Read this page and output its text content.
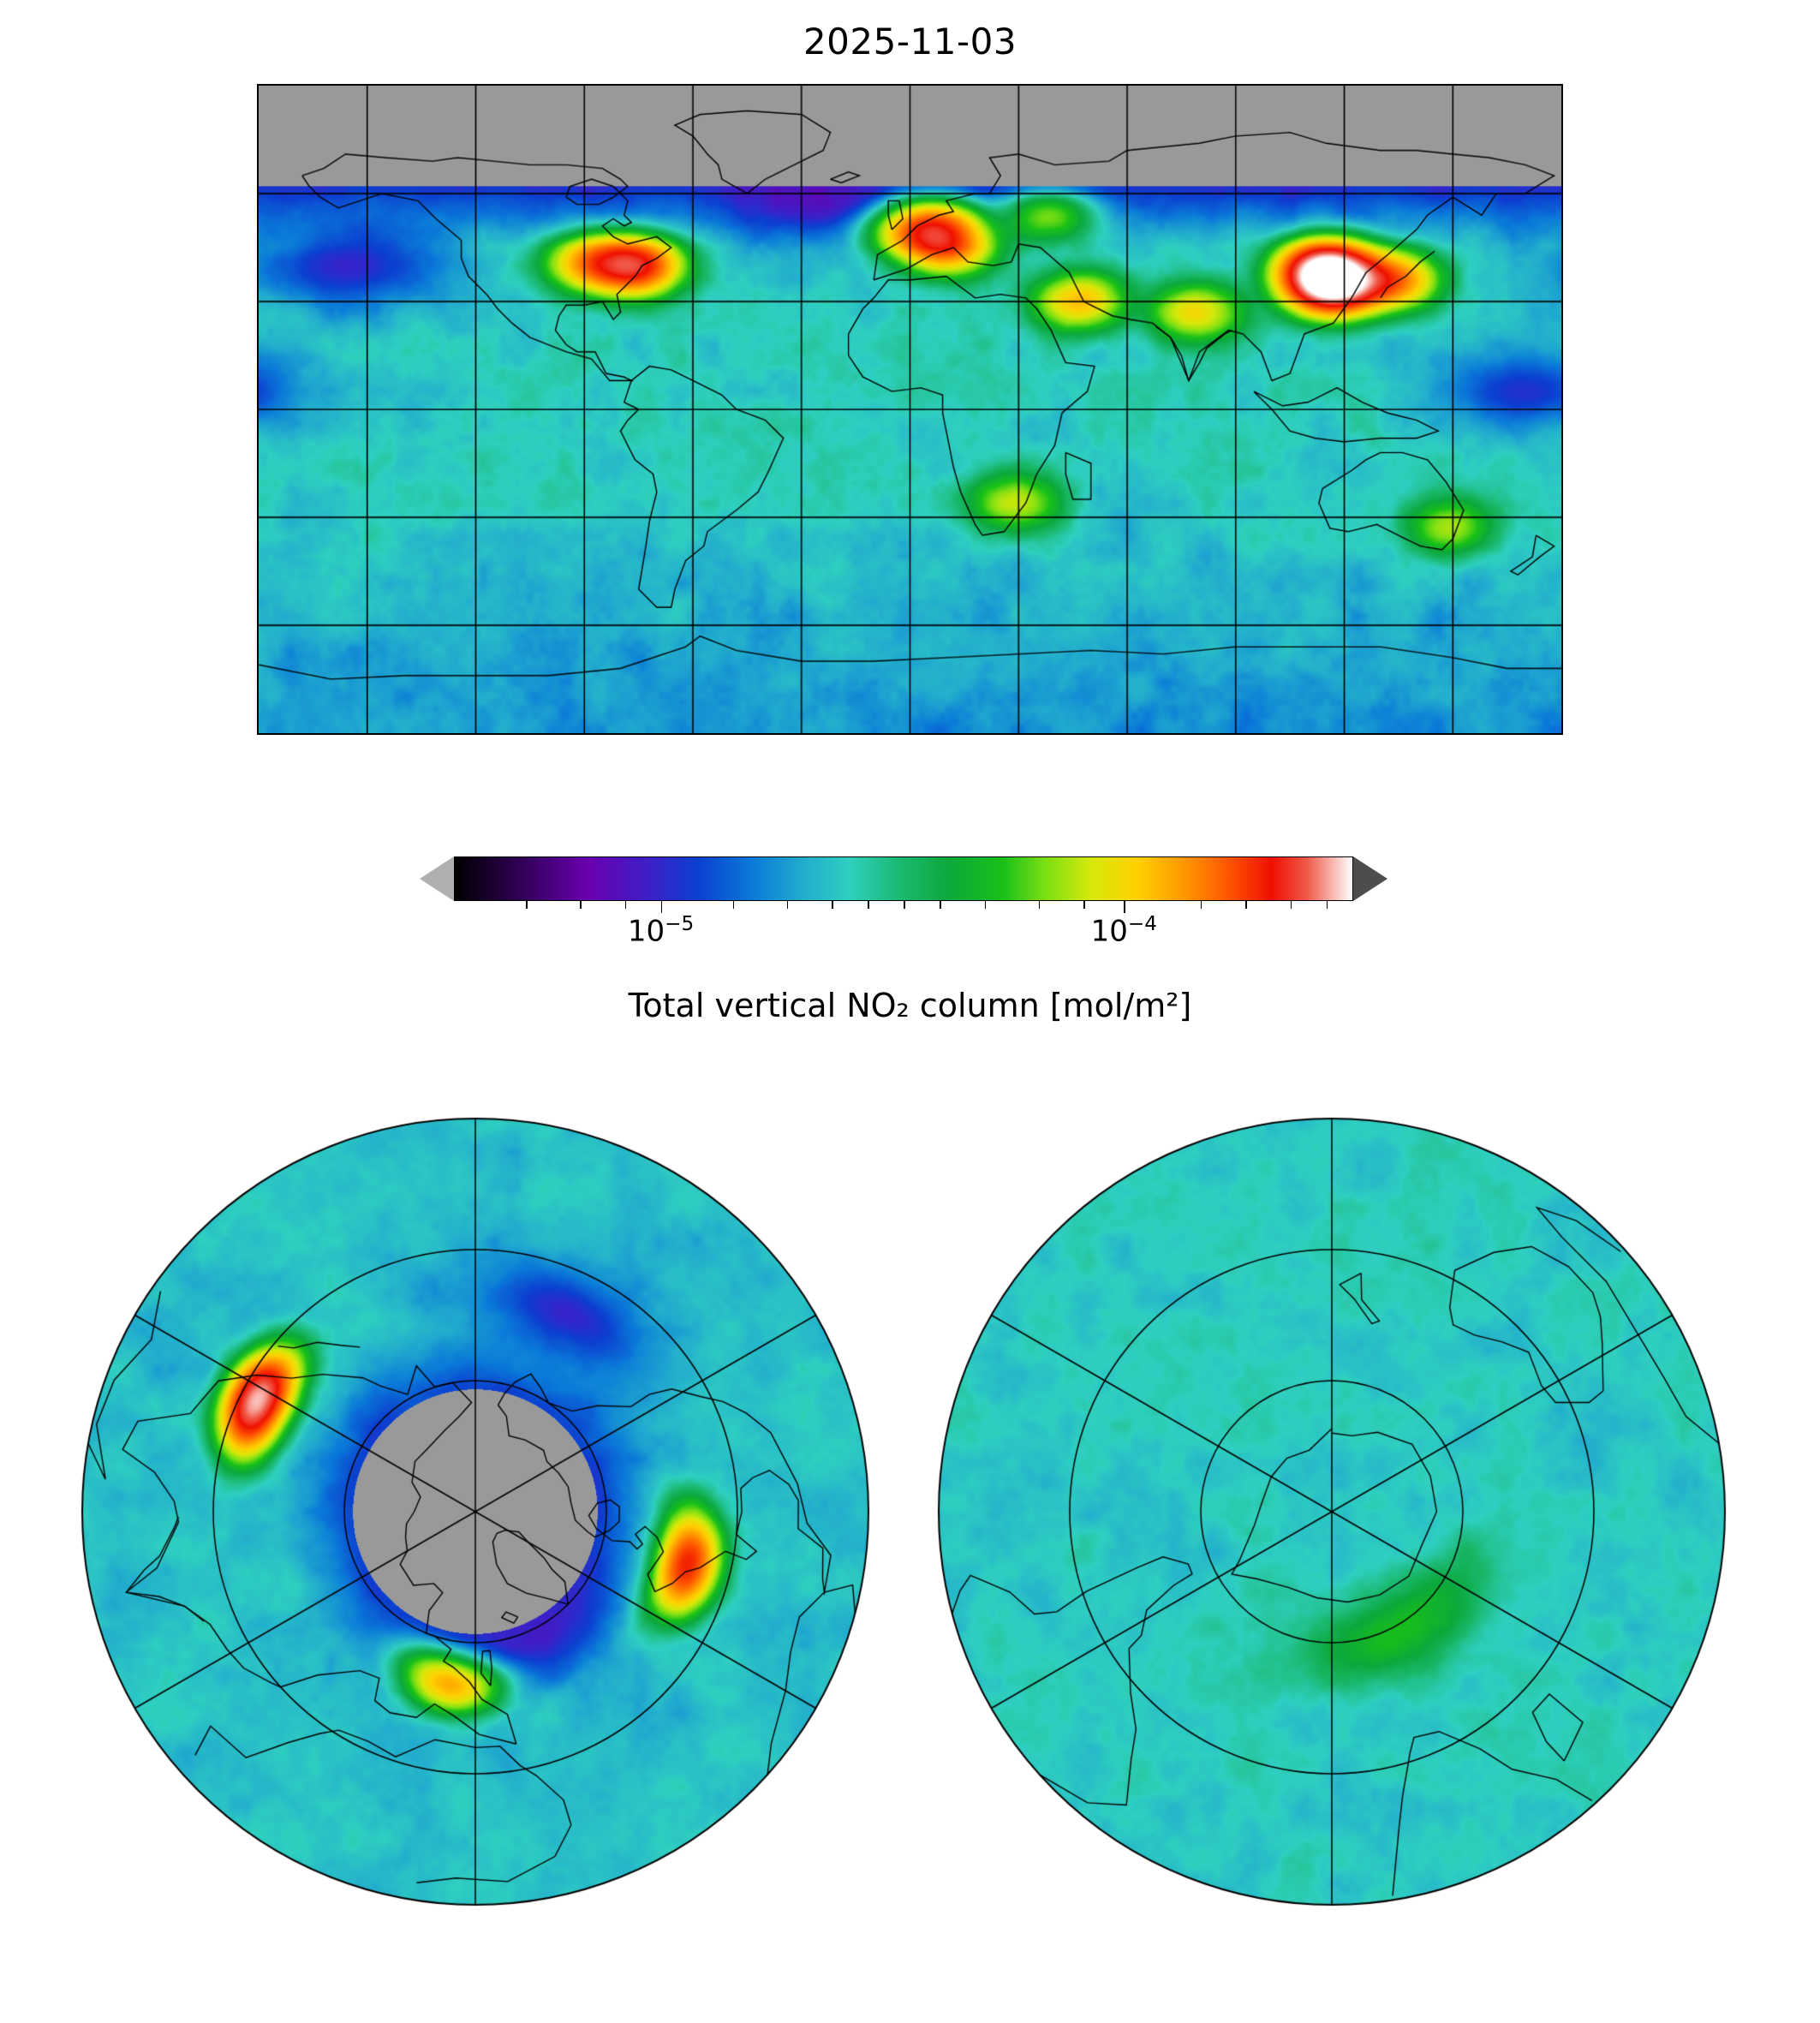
2025-11-03
$10^{-5}$	$10^{-4}$
Total vertical NO₂ column [mol/m²]
